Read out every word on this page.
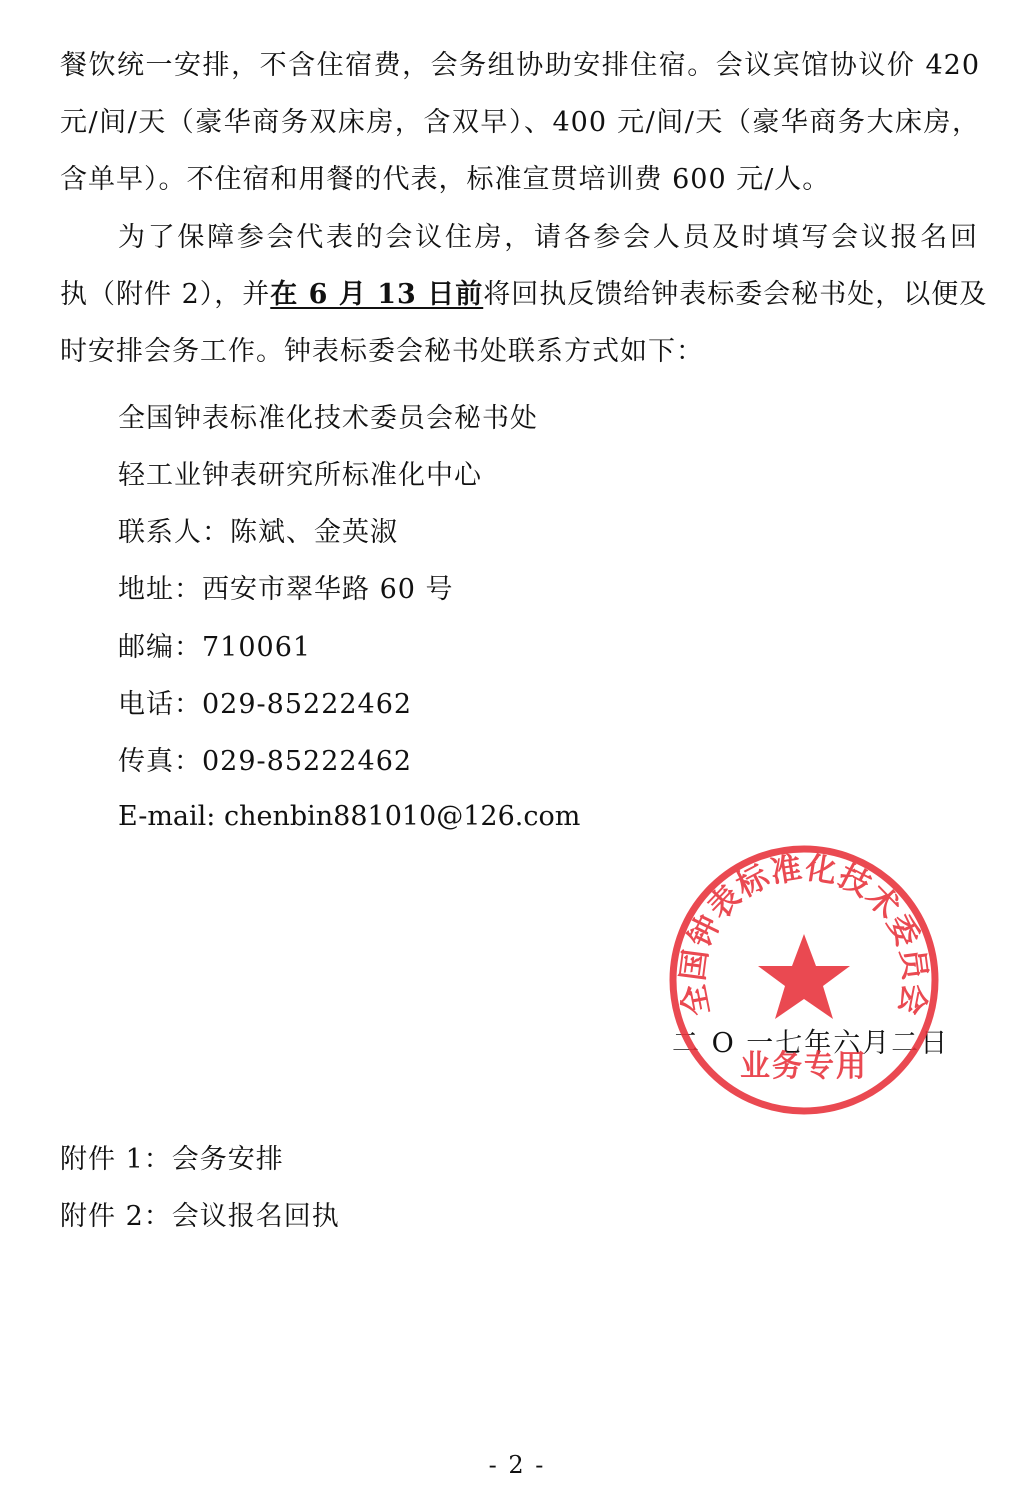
餐饮统一安排，不含住宿费，会务组协助安排住宿。会议宾馆协议价 420
元/间/天（豪华商务双床房，含双早）、400 元/间/天（豪华商务大床房，
含单早）。不住宿和用餐的代表，标准宣贯培训费 600 元/人。
为了保障参会代表的会议住房，请各参会人员及时填写会议报名回
执（附件 2），并在 6 月 13 日前将回执反馈给钟表标委会秘书处，以便及
时安排会务工作。钟表标委会秘书处联系方式如下：
全国钟表标准化技术委员会秘书处
轻工业钟表研究所标准化中心
联系人：陈斌、金英淑
地址：西安市翠华路 60 号
邮编：710061
电话：029-85222462
传真：029-85222462
E-mail: chenbin881010@126.com
二 O 一七年六月二日
全国钟表标准化技术委员会
业务专用
附件 1：会务安排
附件 2：会议报名回执
- 2 -
